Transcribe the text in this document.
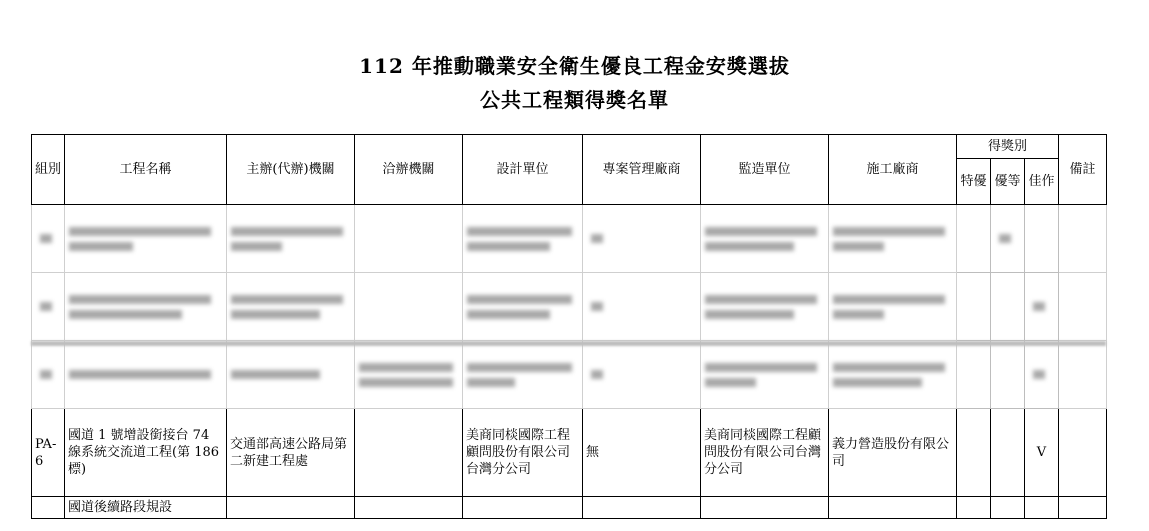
112 年推動職業安全衛生優良工程金安獎選拔
公共工程類得獎名單
組別	工程名稱	主辦(代辦)機關	洽辦機關	設計單位	專案管理廠商	監造單位	施工廠商	得獎別			備註
								特優	優等	佳作	

PA-6	國道 1 號增設銜接台 74 線系統交流道工程(第 186 標)	交通部高速公路局第二新建工程處		美商同棪國際工程顧問股份有限公司台灣分公司	無	美商同棪國際工程顧問股份有限公司台灣分公司	義力營造股份有限公司			V	
	國道後續路段規設										
